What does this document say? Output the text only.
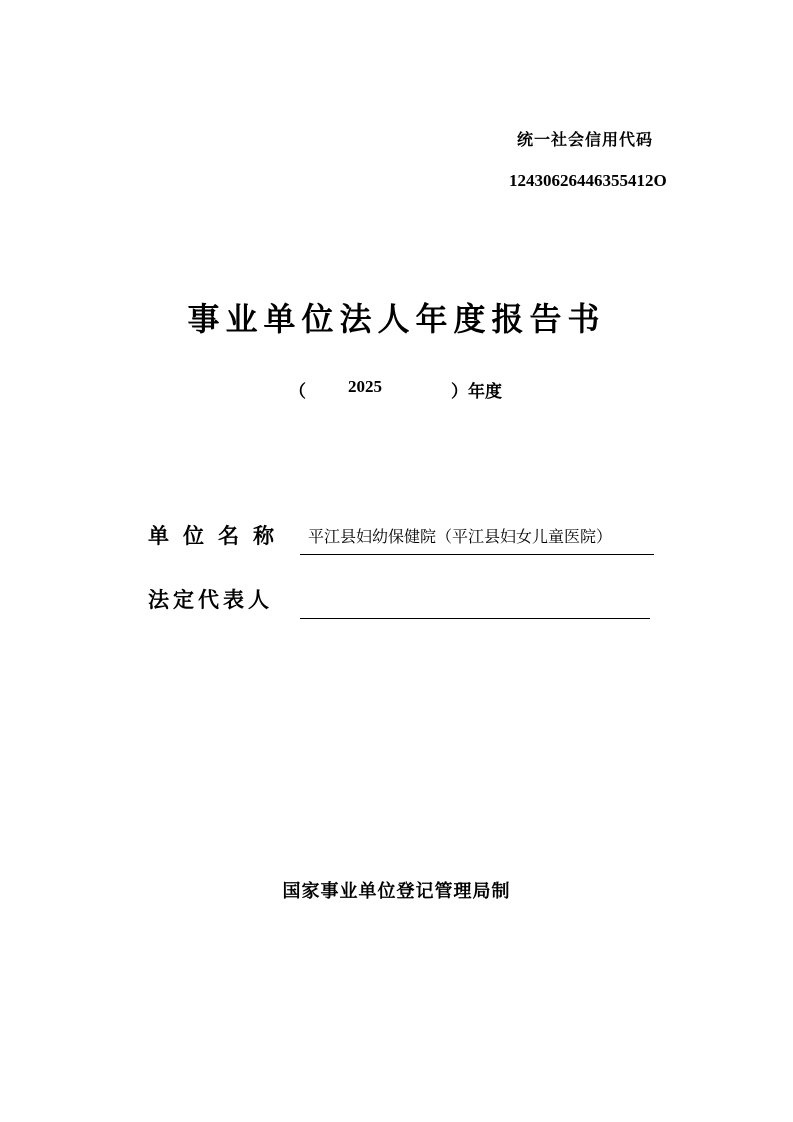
统一社会信用代码
12430626446355412O
事业单位法人年度报告书
（ 2025	）年度
单位名称 平江县妇幼保健院（平江县妇女儿童医院）
法定代表人
国家事业单位登记管理局制
